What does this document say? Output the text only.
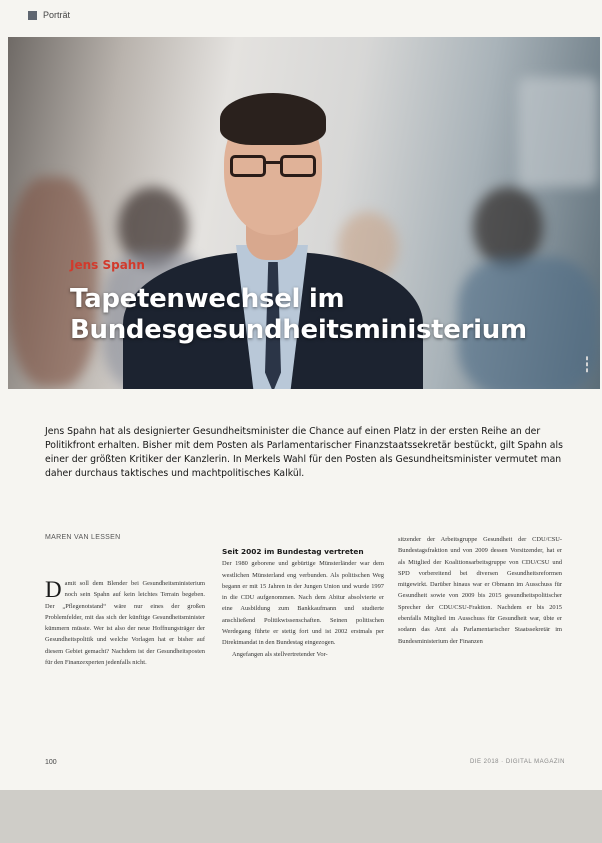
Porträt
Jens Spahn
Tapetenwechsel im
Bundesgesundheitsministerium
▮▮▮
Jens Spahn hat als designierter Gesundheitsminister die Chance auf einen Platz in der ersten Reihe an der Politikfront erhalten. Bisher mit dem Posten als Parlamentarischer Finanzstaatssekretär bestückt, gilt Spahn als einer der größten Kritiker der Kanzlerin. In Merkels Wahl für den Posten als Gesundheitsminister vermutet man daher durchaus taktisches und machtpolitisches Kalkül.
MAREN VAN LESSEN
D amit soll dem Blender bei Gesundheitsministerium noch sein Spahn auf kein leichtes Terrain begeben. Der „Pflegenotstand“ wäre nur eines der großen Problemfelder, mit das sich der künftige Gesundheitsminister kümmern müsste. Wer ist also der neue Hoffnungsträger der Gesundheitspolitik und welche Vorlagen hat er bisher auf diesem Gebiet gemacht? Nachdem ist der Gesundheitsposten für den Finanzexperten jedenfalls nicht.
Seit 2002 im Bundestag vertreten

Der 1980 geborene und gebürtige Münsterländer war dem westlichen Münsterland eng verbunden. Als politischen Weg begann er mit 15 Jahren in der Jungen Union und wurde 1997 in die CDU aufgenommen. Nach dem Abitur absolvierte er eine Ausbildung zum Bankkaufmann und studierte anschließend Politikwissenschaften. Seinen politischen Werdegang führte er stetig fort und ist 2002 erstmals per Direktmandat in den Bundestag eingezogen.

Angefangen als stellvertretender Vor-

sitzender der Arbeitsgruppe Gesundheit der CDU/CSU-Bundestagsfraktion und von 2009 dessen Vorsitzender, hat er als Mitglied der Koalitionsarbeitsgruppe von CDU/CSU und SPD vorbereitend bei diversen Gesundheitsreformen mitgewirkt. Darüber hinaus war er Obmann im Ausschuss für Gesundheit sowie von 2009 bis 2015 gesundheitspolitischer Sprecher der CDU/CSU-Fraktion. Nachdem er bis 2015 ebenfalls Mitglied im Ausschuss für Gesundheit war, übte er sodann das Amt als Parlamentarischer Staatssekretär im Bundesministerium der Finanzen

100	DIE 2018 · DIGITAL MAGAZIN
